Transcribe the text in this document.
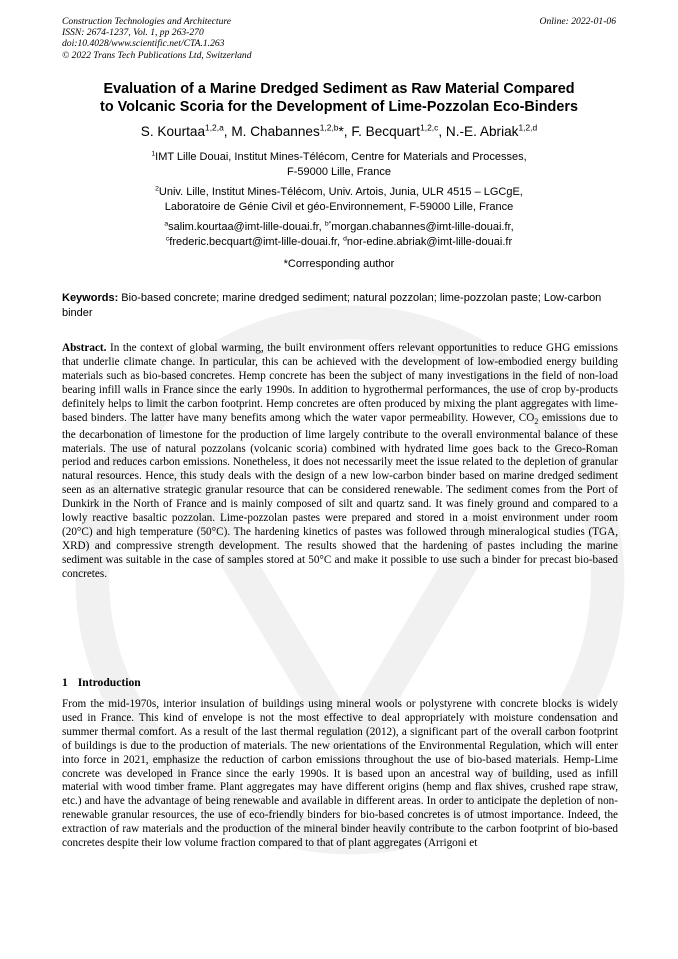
Construction Technologies and Architecture
ISSN: 2674-1237, Vol. 1, pp 263-270
doi:10.4028/www.scientific.net/CTA.1.263
© 2022 Trans Tech Publications Ltd, Switzerland
Online: 2022-01-06
Evaluation of a Marine Dredged Sediment as Raw Material Compared
to Volcanic Scoria for the Development of Lime-Pozzolan Eco-Binders
S. Kourtaa$^{1,2,a}$, M. Chabannes$^{1,2,b}$*, F. Becquart$^{1,2,c}$, N.-E. Abriak$^{1,2,d}$
$^1$IMT Lille Douai, Institut Mines-Télécom, Centre for Materials and Processes,
F-59000 Lille, France
$^2$Univ. Lille, Institut Mines-Télécom, Univ. Artois, Junia, ULR 4515 – LGCgE,
Laboratoire de Génie Civil et géo-Environnement, F-59000 Lille, France
$^a$salim.kourtaa@imt-lille-douai.fr, $^{b*}$morgan.chabannes@imt-lille-douai.fr,
$^c$frederic.becquart@imt-lille-douai.fr, $^d$nor-edine.abriak@imt-lille-douai.fr
*Corresponding author
Keywords: Bio-based concrete; marine dredged sediment; natural pozzolan; lime-pozzolan paste; Low-carbon binder
Abstract. In the context of global warming, the built environment offers relevant opportunities to reduce GHG emissions that underlie climate change. In particular, this can be achieved with the development of low-embodied energy building materials such as bio-based concretes. Hemp concrete has been the subject of many investigations in the field of non-load bearing infill walls in France since the early 1990s. In addition to hygrothermal performances, the use of crop by-products definitely helps to limit the carbon footprint. Hemp concretes are often produced by mixing the plant aggregates with lime-based binders. The latter have many benefits among which the water vapor permeability. However, $CO_2$ emissions due to the decarbonation of limestone for the production of lime largely contribute to the overall environmental balance of these materials. The use of natural pozzolans (volcanic scoria) combined with hydrated lime goes back to the Greco-Roman period and reduces carbon emissions. Nonetheless, it does not necessarily meet the issue related to the depletion of granular natural resources. Hence, this study deals with the design of a new low-carbon binder based on marine dredged sediment seen as an alternative strategic granular resource that can be considered renewable. The sediment comes from the Port of Dunkirk in the North of France and is mainly composed of silt and quartz sand. It was finely ground and compared to a lowly reactive basaltic pozzolan. Lime-pozzolan pastes were prepared and stored in a moist environment under room (20°C) and high temperature (50°C). The hardening kinetics of pastes was followed through mineralogical studies (TGA, XRD) and compressive strength development. The results showed that the hardening of pastes including the marine sediment was suitable in the case of samples stored at 50°C and make it possible to use such a binder for precast bio-based concretes.
1 Introduction
From the mid-1970s, interior insulation of buildings using mineral wools or polystyrene with concrete blocks is widely used in France. This kind of envelope is not the most effective to deal appropriately with moisture condensation and summer thermal comfort. As a result of the last thermal regulation (2012), a significant part of the overall carbon footprint of buildings is due to the production of materials. The new orientations of the Environmental Regulation, which will enter into force in 2021, emphasize the reduction of carbon emissions throughout the use of bio-based materials. Hemp-Lime concrete was developed in France since the early 1990s. It is based upon an ancestral way of building, used as infill material with wood timber frame. Plant aggregates may have different origins (hemp and flax shives, crushed rape straw, etc.) and have the advantage of being renewable and available in different areas. In order to anticipate the depletion of non-renewable granular resources, the use of eco-friendly binders for bio-based concretes is of utmost importance. Indeed, the extraction of raw materials and the production of the mineral binder heavily contribute to the carbon footprint of bio-based concretes despite their low volume fraction compared to that of plant aggregates (Arrigoni et
